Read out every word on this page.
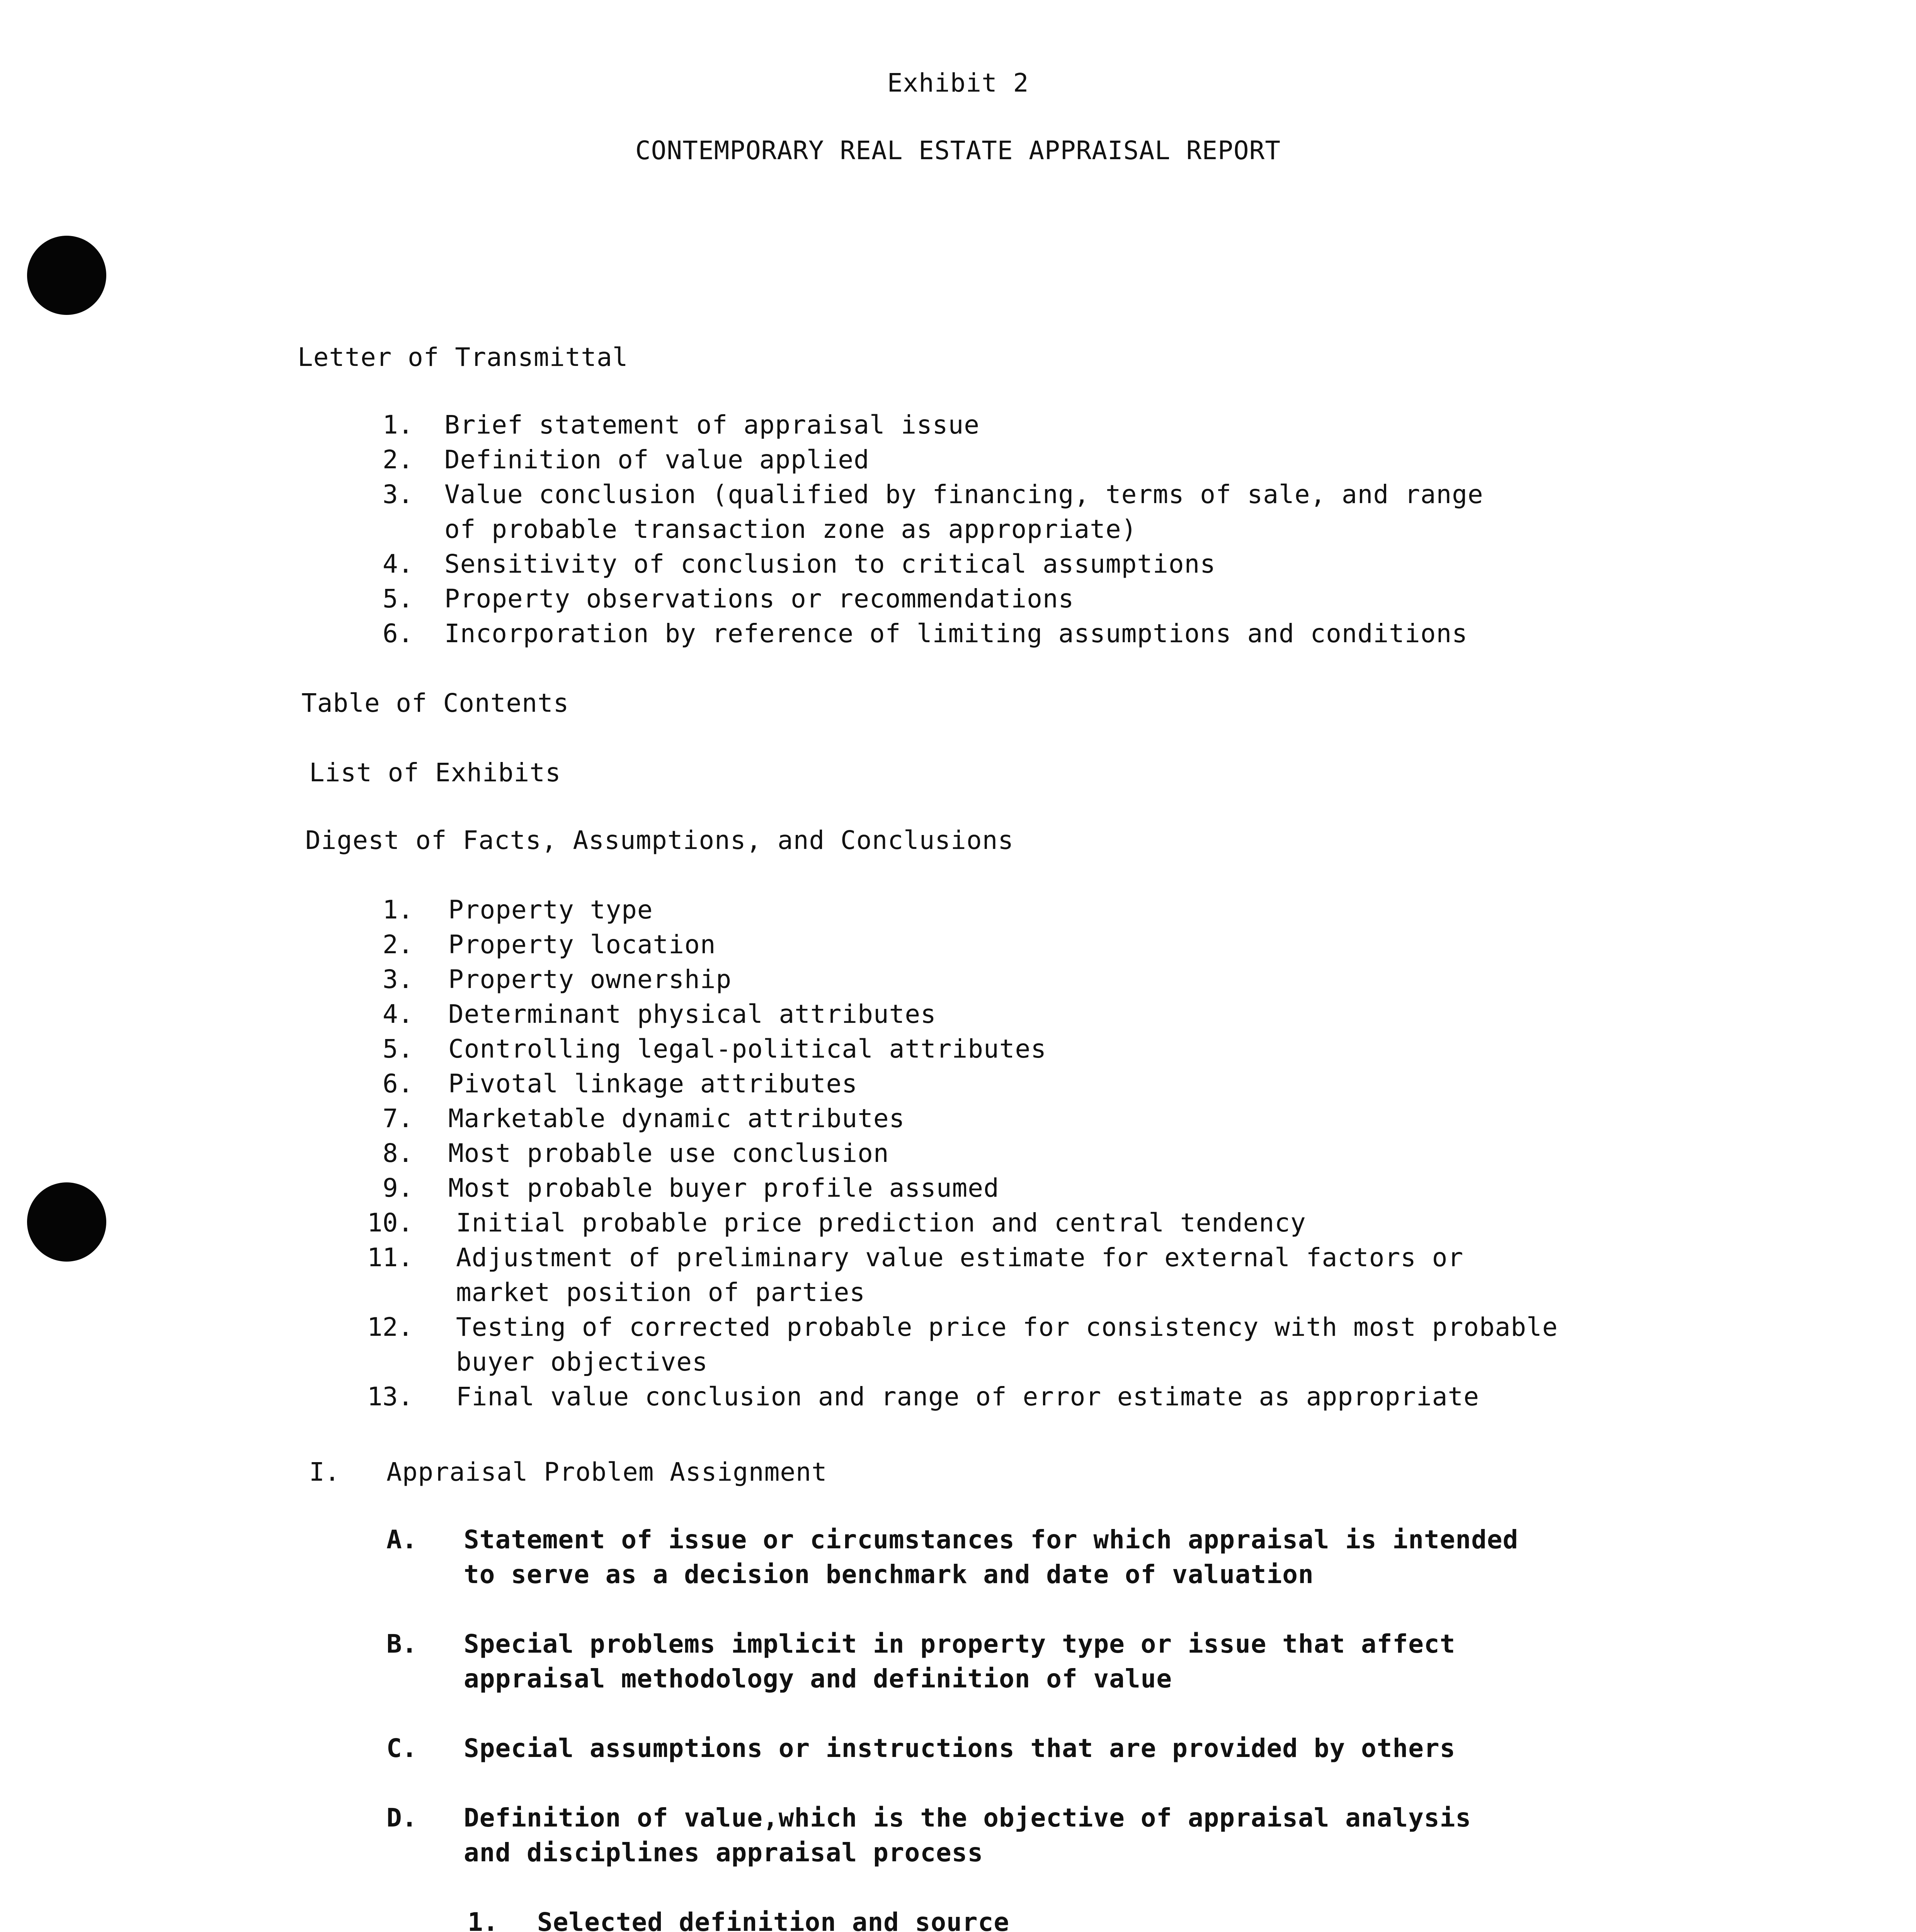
Exhibit 2
CONTEMPORARY REAL ESTATE APPRAISAL REPORT
Letter of Transmittal
1. Brief statement of appraisal issue
2. Definition of value applied
3. Value conclusion (qualified by financing, terms of sale, and range
of probable transaction zone as appropriate)
4. Sensitivity of conclusion to critical assumptions
5. Property observations or recommendations
6. Incorporation by reference of limiting assumptions and conditions
Table of Contents
List of Exhibits
Digest of Facts, Assumptions, and Conclusions
1. Property type
2. Property location
3. Property ownership
4. Determinant physical attributes
5. Controlling legal-political attributes
6. Pivotal linkage attributes
7. Marketable dynamic attributes
8. Most probable use conclusion
9. Most probable buyer profile assumed
10. Initial probable price prediction and central tendency
11. Adjustment of preliminary value estimate for external factors or
market position of parties
12. Testing of corrected probable price for consistency with most probable
buyer objectives
13. Final value conclusion and range of error estimate as appropriate
I. Appraisal Problem Assignment
A. Statement of issue or circumstances for which appraisal is intended
to serve as a decision benchmark and date of valuation
B. Special problems implicit in property type or issue that affect
appraisal methodology and definition of value
C. Special assumptions or instructions that are provided by others
D. Definition of value,which is the objective of appraisal analysis
and disciplines appraisal process
1. Selected definition and source
